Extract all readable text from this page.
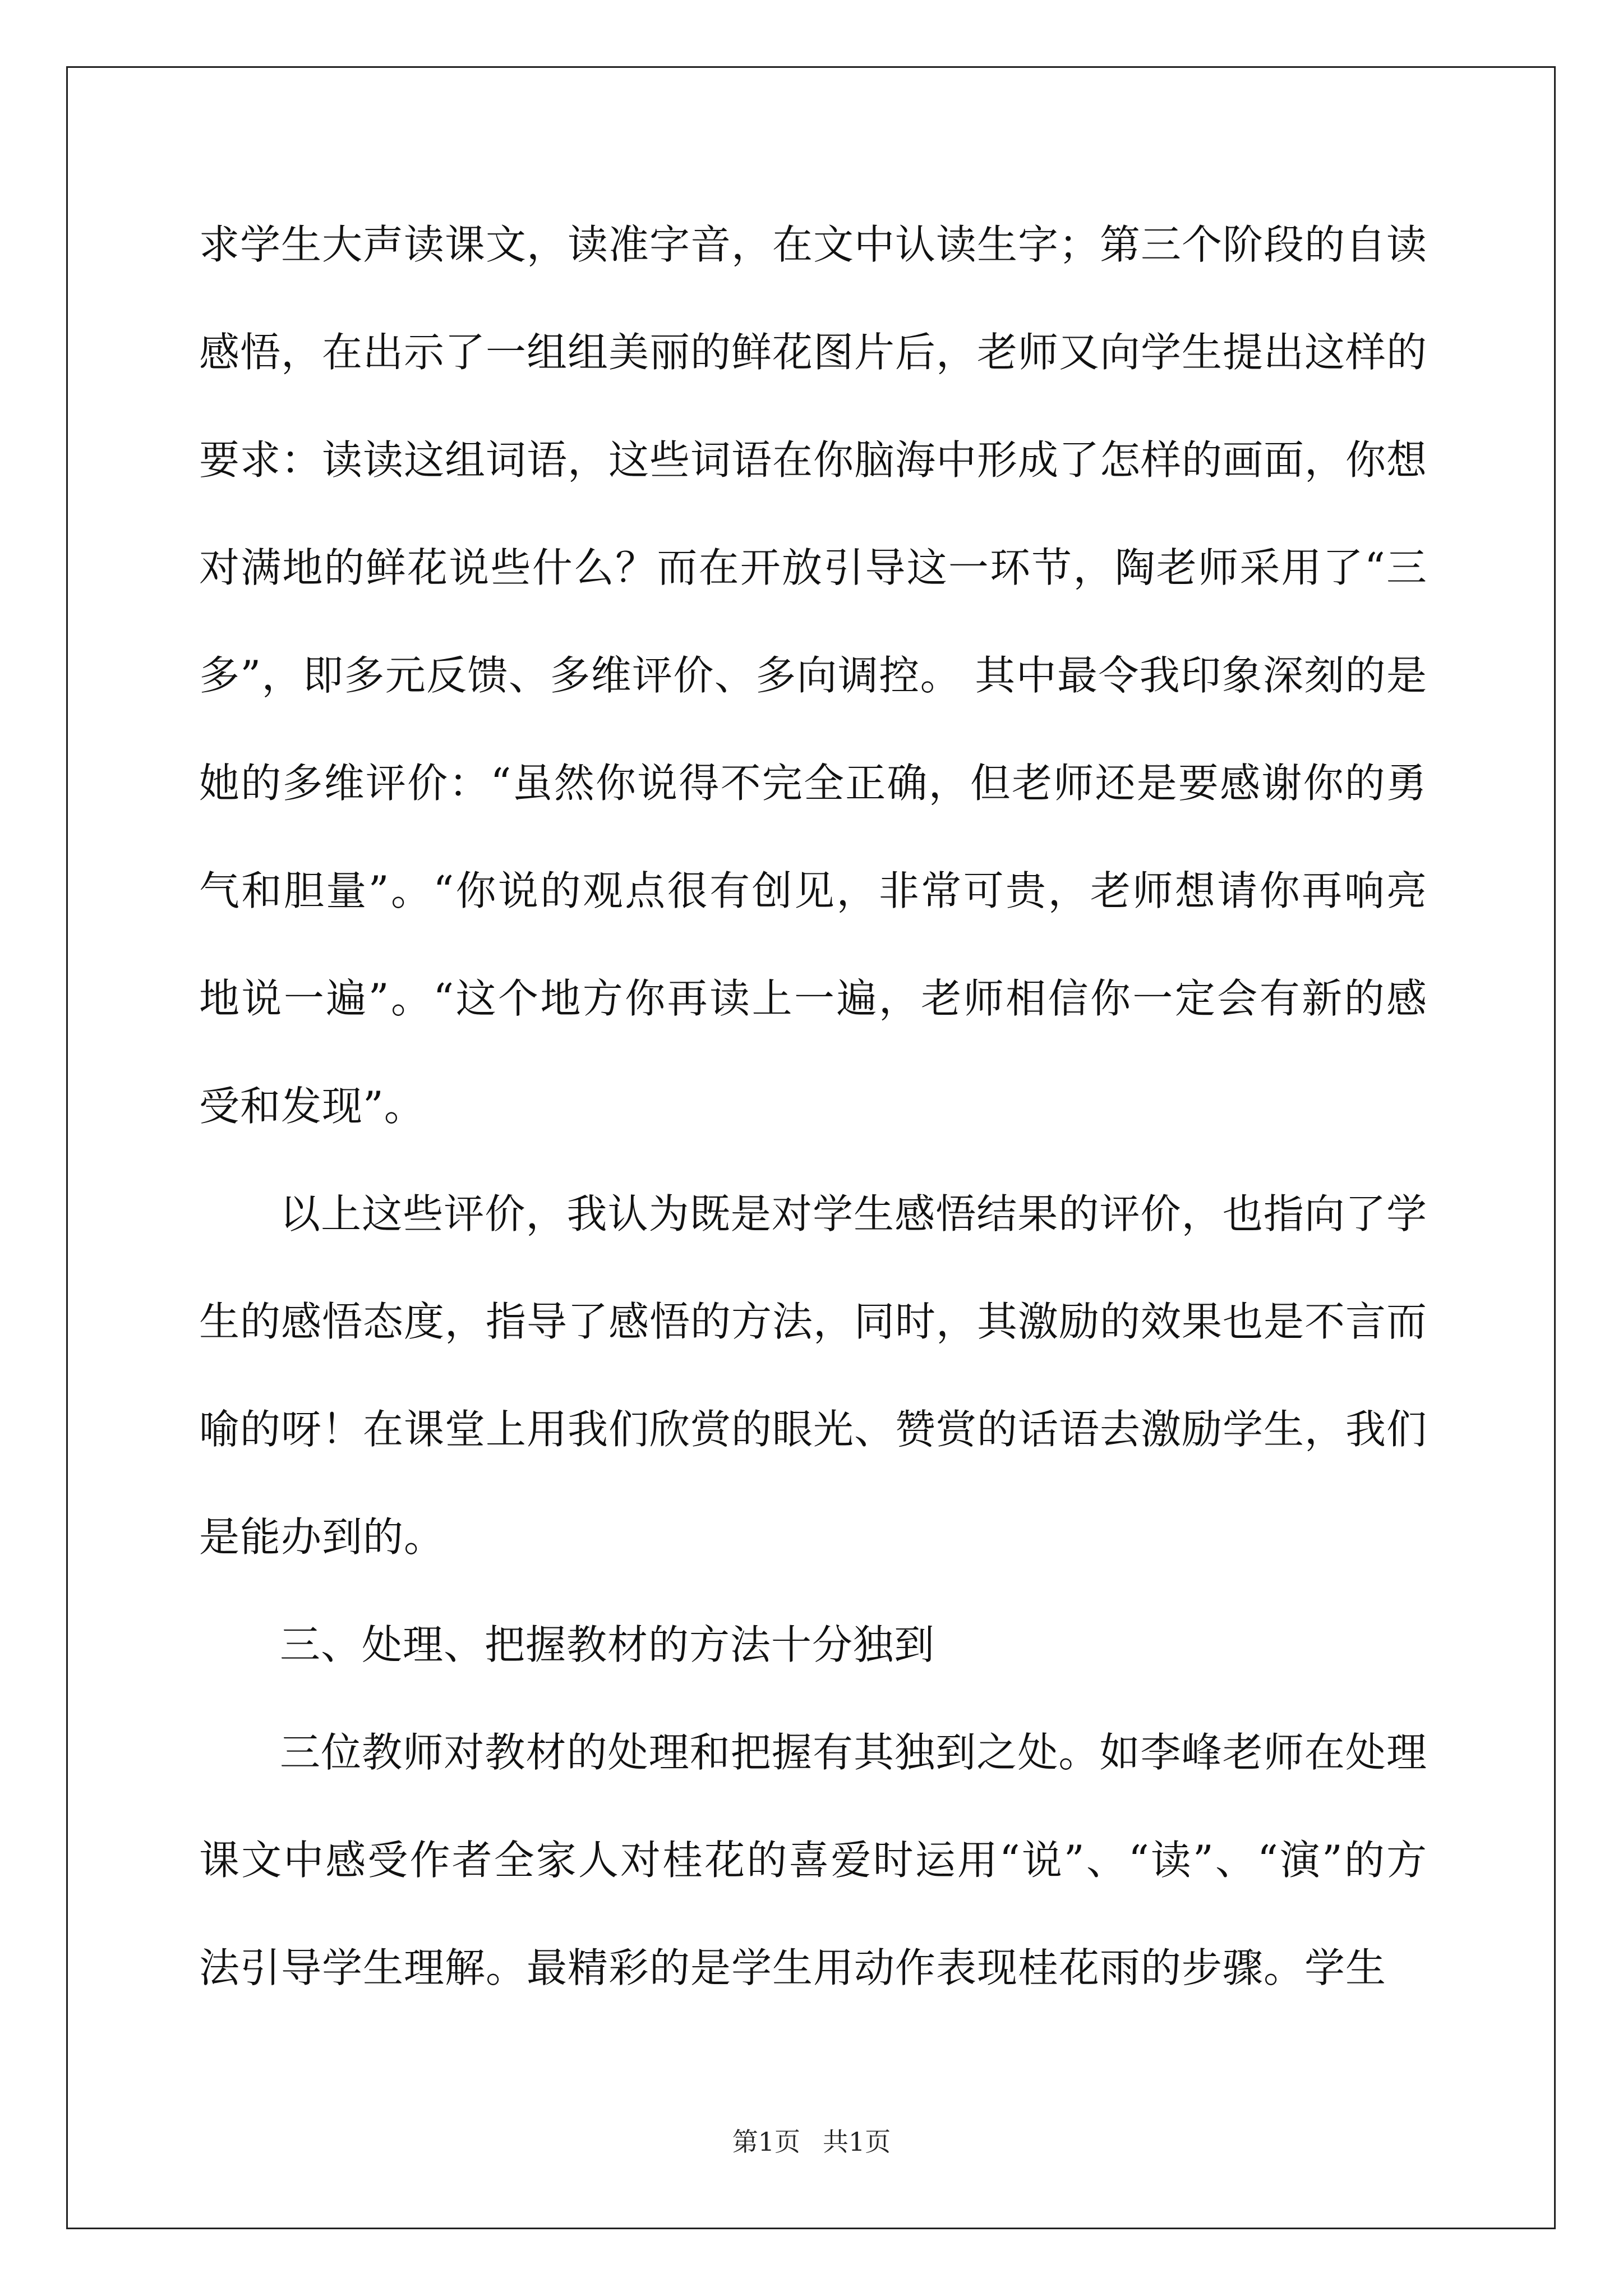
求学生大声读课文，读准字音，在文中认读生字；第三个阶段的自读感悟，在出示了一组组美丽的鲜花图片后，老师又向学生提出这样的要求：读读这组词语，这些词语在你脑海中形成了怎样的画面，你想对满地的鲜花说些什么？而在开放引导这一环节，陶老师采用了“三多”，即多元反馈、多维评价、多向调控。 其中最令我印象深刻的是她的多维评价：“虽然你说得不完全正确，但老师还是要感谢你的勇气和胆量”。“你说的观点很有创见，非常可贵，老师想请你再响亮地说一遍”。“这个地方你再读上一遍，老师相信你一定会有新的感受和发现”。

以上这些评价，我认为既是对学生感悟结果的评价，也指向了学生的感悟态度，指导了感悟的方法，同时，其激励的效果也是不言而喻的呀！在课堂上用我们欣赏的眼光、赞赏的话语去激励学生，我们是能办到的。

三、处理、把握教材的方法十分独到

三位教师对教材的处理和把握有其独到之处。如李峰老师在处理课文中感受作者全家人对桂花的喜爱时运用“说”、“读”、“演”的方法引导学生理解。最精彩的是学生用动作表现桂花雨的步骤。学生

第1页 共1页
